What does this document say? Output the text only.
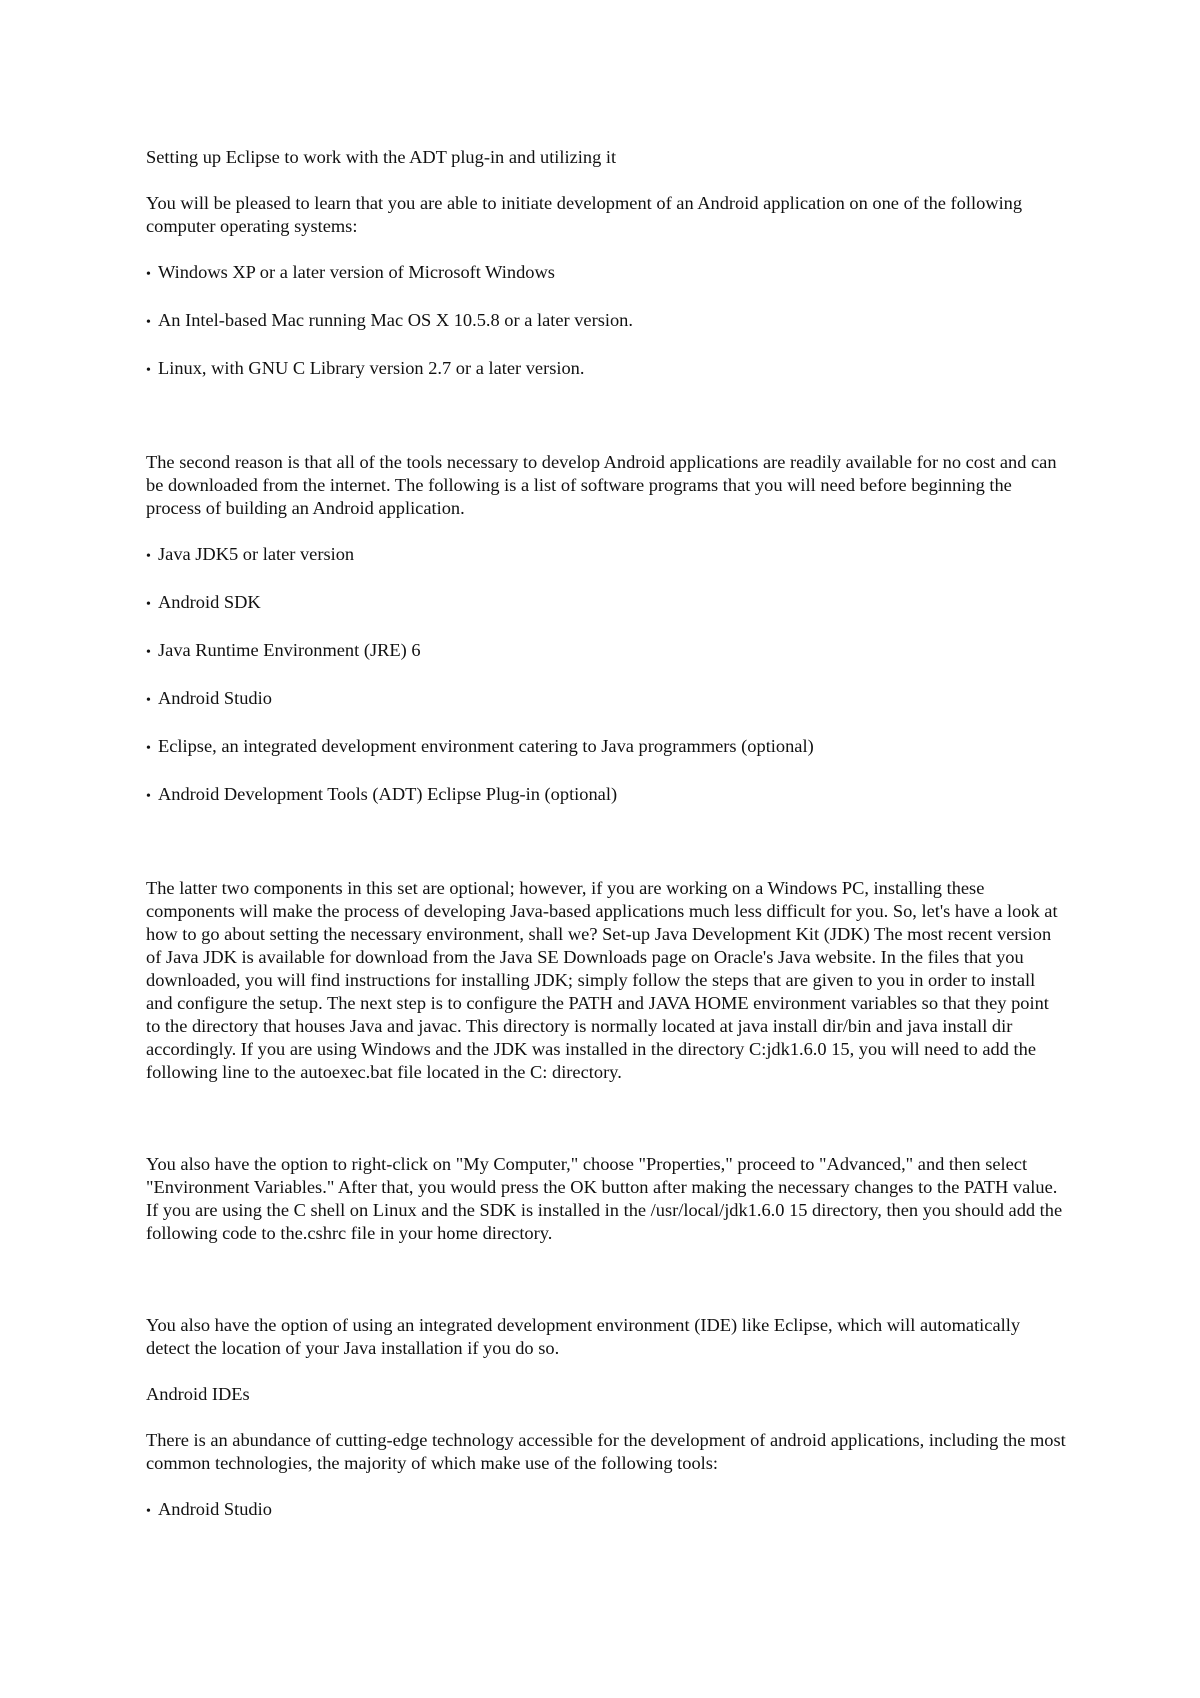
Setting up Eclipse to work with the ADT plug-in and utilizing it

You will be pleased to learn that you are able to initiate development of an Android application on one of the following computer operating systems:

• Windows XP or a later version of Microsoft Windows

• An Intel-based Mac running Mac OS X 10.5.8 or a later version.

• Linux, with GNU C Library version 2.7 or a later version.

The second reason is that all of the tools necessary to develop Android applications are readily available for no cost and can be downloaded from the internet. The following is a list of software programs that you will need before beginning the process of building an Android application.

• Java JDK5 or later version

• Android SDK

• Java Runtime Environment (JRE) 6

• Android Studio

• Eclipse, an integrated development environment catering to Java programmers (optional)

• Android Development Tools (ADT) Eclipse Plug-in (optional)

The latter two components in this set are optional; however, if you are working on a Windows PC, installing these components will make the process of developing Java-based applications much less difficult for you. So, let's have a look at how to go about setting the necessary environment, shall we? Set-up Java Development Kit (JDK) The most recent version of Java JDK is available for download from the Java SE Downloads page on Oracle's Java website. In the files that you downloaded, you will find instructions for installing JDK; simply follow the steps that are given to you in order to install and configure the setup. The next step is to configure the PATH and JAVA HOME environment variables so that they point to the directory that houses Java and javac. This directory is normally located at java install dir/bin and java install dir accordingly. If you are using Windows and the JDK was installed in the directory C:jdk1.6.0 15, you will need to add the following line to the autoexec.bat file located in the C: directory.

You also have the option to right-click on "My Computer," choose "Properties," proceed to "Advanced," and then select "Environment Variables." After that, you would press the OK button after making the necessary changes to the PATH value. If you are using the C shell on Linux and the SDK is installed in the /usr/local/jdk1.6.0 15 directory, then you should add the following code to the.cshrc file in your home directory.

You also have the option of using an integrated development environment (IDE) like Eclipse, which will automatically detect the location of your Java installation if you do so.

Android IDEs

There is an abundance of cutting-edge technology accessible for the development of android applications, including the most common technologies, the majority of which make use of the following tools:

• Android Studio
